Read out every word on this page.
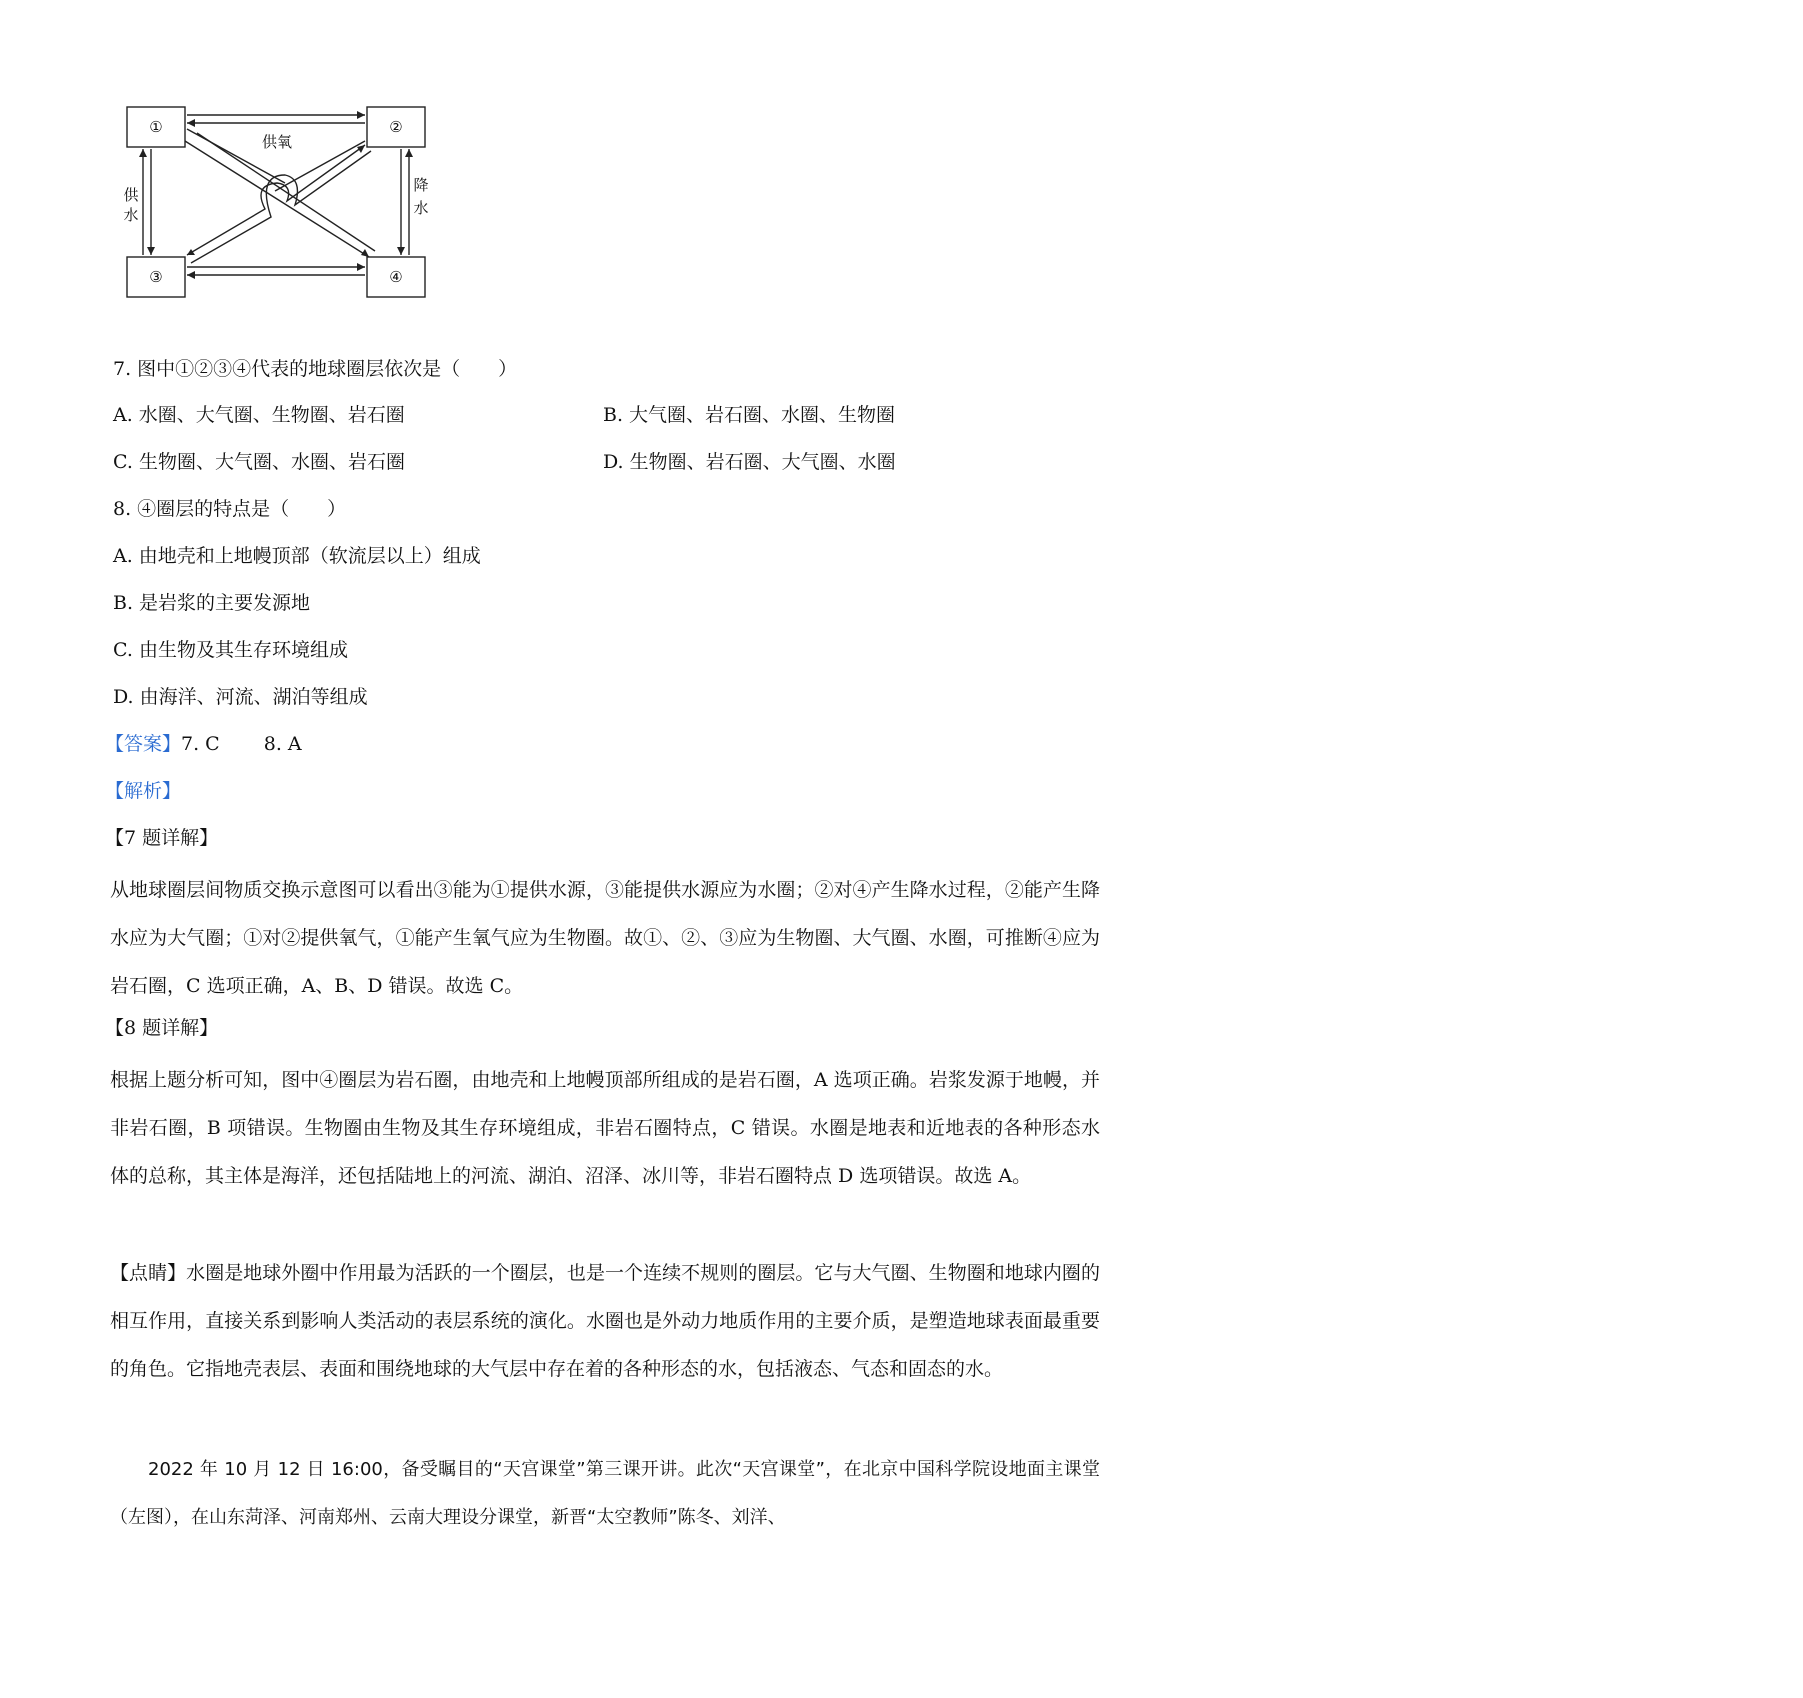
①	②
③	④
供氧
供
水
降
水
7. 图中①②③④代表的地球圈层依次是（　　）
A. 水圈、大气圈、生物圈、岩石圈	B. 大气圈、岩石圈、水圈、生物圈
C. 生物圈、大气圈、水圈、岩石圈	D. 生物圈、岩石圈、大气圈、水圈
8. ④圈层的特点是（　　）
A. 由地壳和上地幔顶部（软流层以上）组成
B. 是岩浆的主要发源地
C. 由生物及其生存环境组成
D. 由海洋、河流、湖泊等组成
【答案】7. C 8. A
【解析】
【7 题详解】
从地球圈层间物质交换示意图可以看出③能为①提供水源，③能提供水源应为水圈；②对④产生降水过程，②能产生降水应为大气圈；①对②提供氧气，①能产生氧气应为生物圈。故①、②、③应为生物圈、大气圈、水圈，可推断④应为岩石圈，C 选项正确，A、B、D 错误。故选 C。
【8 题详解】
根据上题分析可知，图中④圈层为岩石圈，由地壳和上地幔顶部所组成的是岩石圈，A 选项正确。岩浆发源于地幔，并非岩石圈，B 项错误。生物圈由生物及其生存环境组成，非岩石圈特点，C 错误。水圈是地表和近地表的各种形态水体的总称，其主体是海洋，还包括陆地上的河流、湖泊、沼泽、冰川等，非岩石圈特点 D 选项错误。故选 A。
【点睛】水圈是地球外圈中作用最为活跃的一个圈层，也是一个连续不规则的圈层。它与大气圈、生物圈和地球内圈的相互作用，直接关系到影响人类活动的表层系统的演化。水圈也是外动力地质作用的主要介质，是塑造地球表面最重要的角色。它指地壳表层、表面和围绕地球的大气层中存在着的各种形态的水，包括液态、气态和固态的水。
2022 年 10 月 12 日 16:00，备受瞩目的“天宫课堂”第三课开讲。此次“天宫课堂”，在北京中国科学院设地面主课堂（左图），在山东菏泽、河南郑州、云南大理设分课堂，新晋“太空教师”陈冬、刘洋、
